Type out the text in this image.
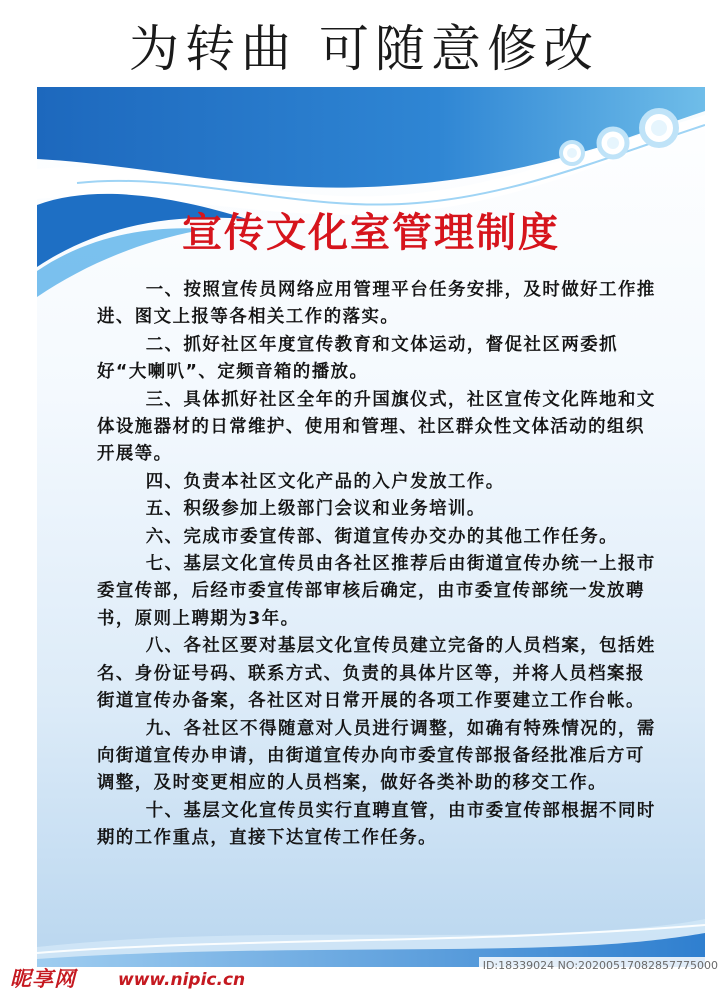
为转曲 可随意修改
宣传文化室管理制度
一、按照宣传员网络应用管理平台任务安排，及时做好工作推进、图文上报等各相关工作的落实。
二、抓好社区年度宣传教育和文体运动，督促社区两委抓好“大喇叭”、定频音箱的播放。
三、具体抓好社区全年的升国旗仪式，社区宣传文化阵地和文体设施器材的日常维护、使用和管理、社区群众性文体活动的组织开展等。
四、负责本社区文化产品的入户发放工作。
五、积级参加上级部门会议和业务培训。
六、完成市委宣传部、街道宣传办交办的其他工作任务。
七、基层文化宣传员由各社区推荐后由街道宣传办统一上报市委宣传部，后经市委宣传部审核后确定，由市委宣传部统一发放聘书，原则上聘期为3年。
八、各社区要对基层文化宣传员建立完备的人员档案，包括姓名、身份证号码、联系方式、负责的具体片区等，并将人员档案报街道宣传办备案，各社区对日常开展的各项工作要建立工作台帐。
九、各社区不得随意对人员进行调整，如确有特殊情况的，需向街道宣传办申请，由街道宣传办向市委宣传部报备经批准后方可调整，及时变更相应的人员档案，做好各类补助的移交工作。
十、基层文化宣传员实行直聘直管，由市委宣传部根据不同时期的工作重点，直接下达宣传工作任务。
昵享网 www.nipic.cn
ID:18339024 NO:20200517082857775000
